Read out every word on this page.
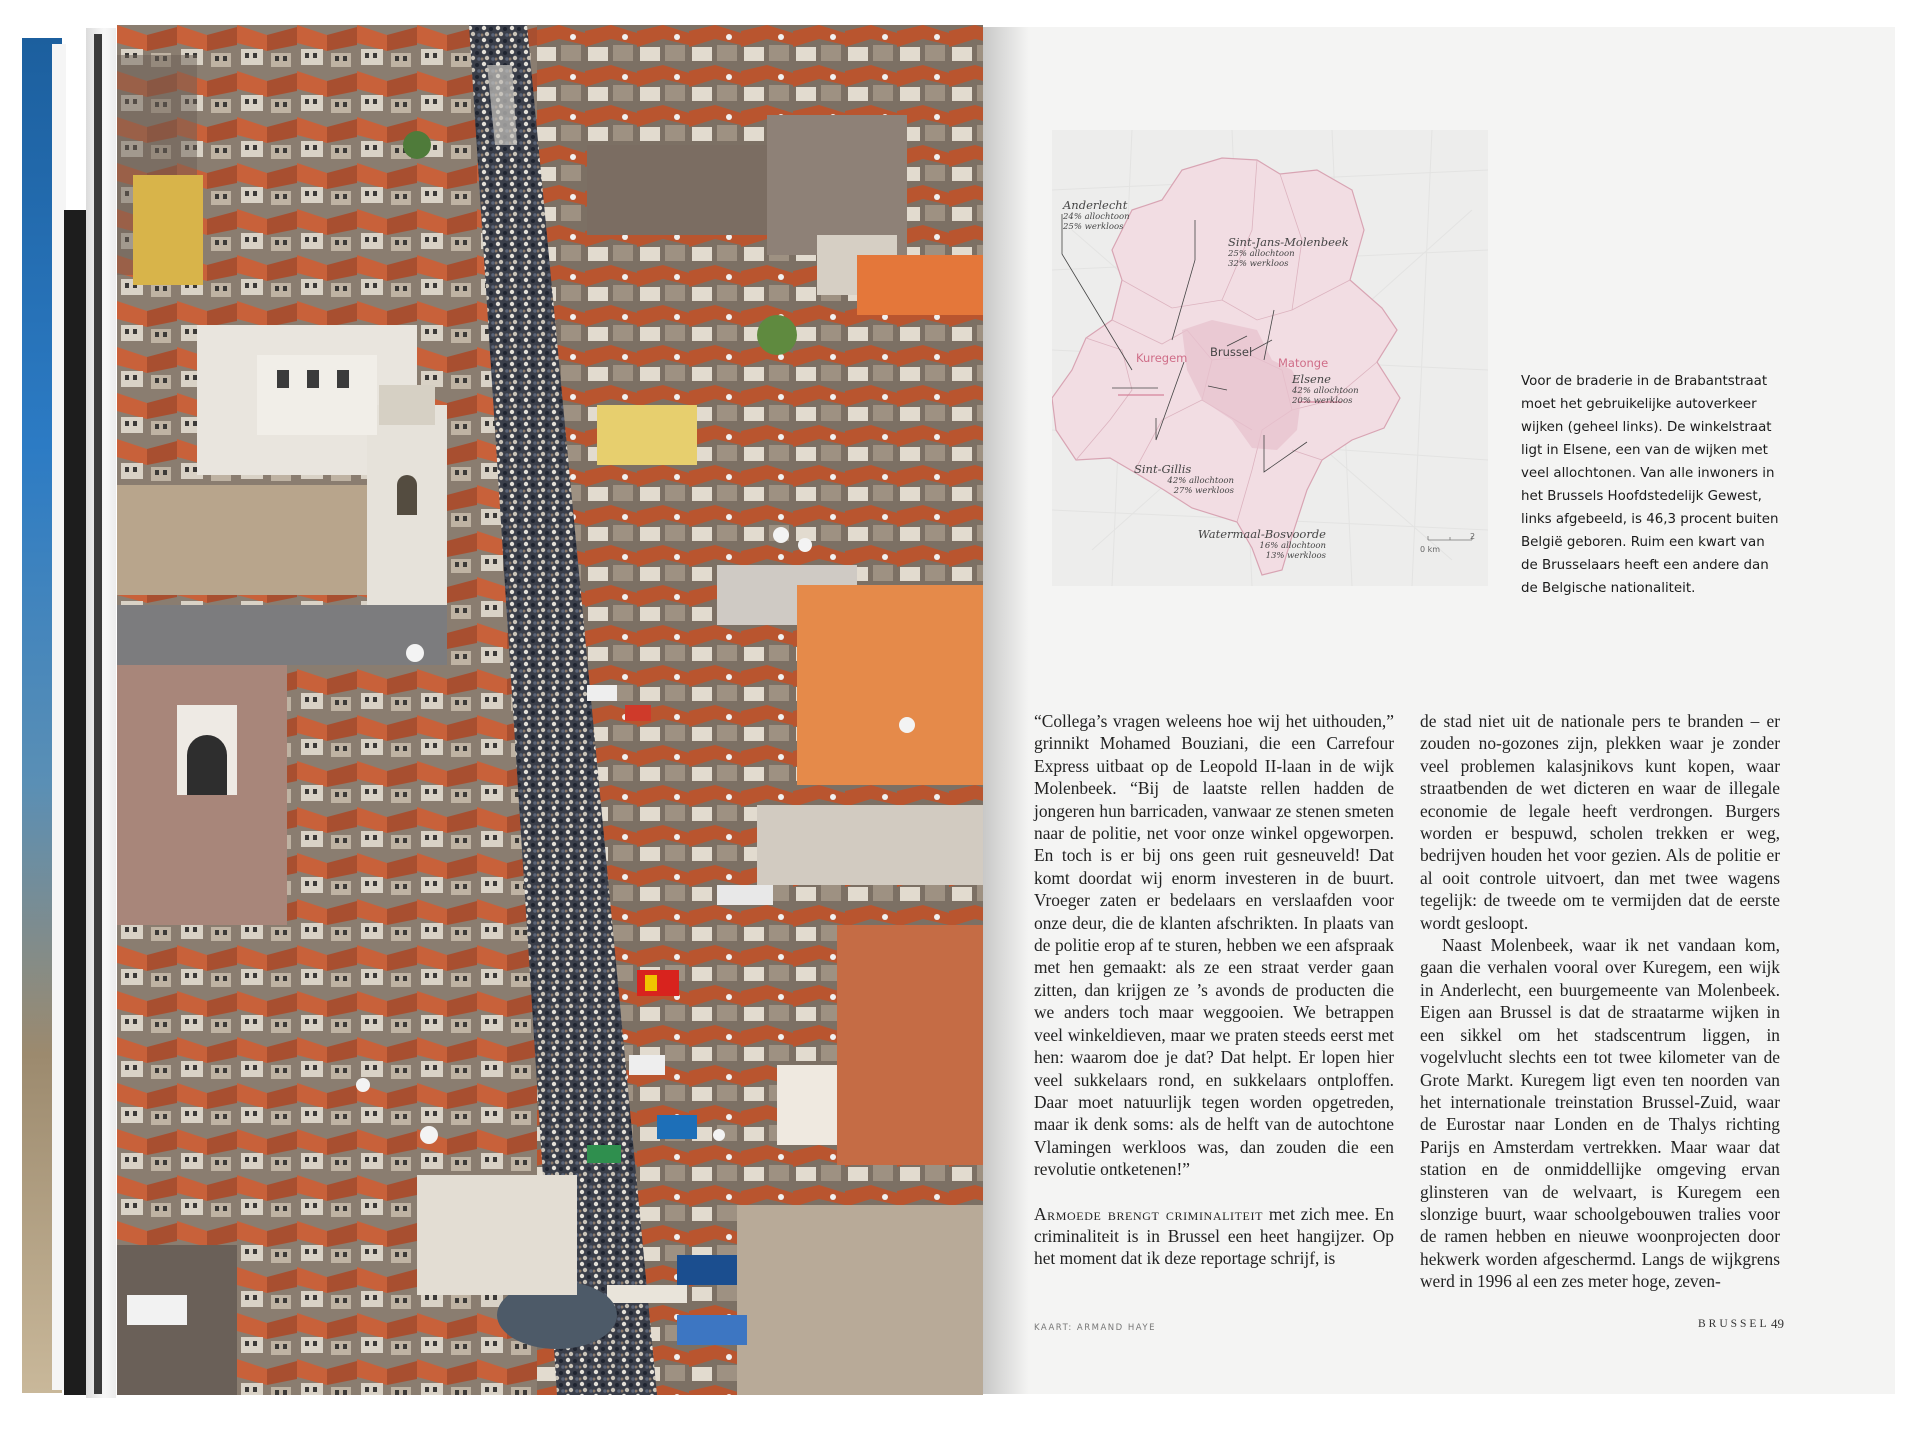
Anderlecht
24% allochtoon
25% werkloos
Sint-Jans-Molenbeek
25% allochtoon
32% werkloos
Kuregem Brussel
Matonge
Elsene
42% allochtoon
20% werkloos
Sint-Gillis
42% allochtoon
27% werkloos
Watermaal-Bosvoorde
16% allochtoon
13% werkloos
0 km
2
Voor de braderie in de Brabantstraat moet het gebruikelijke autoverkeer wijken (geheel links). De winkelstraat ligt in Elsene, een van de wijken met veel allochtonen. Van alle inwoners in het Brussels Hoofdstedelijk Gewest, links afgebeeld, is 46,3 procent buiten België geboren. Ruim een kwart van de Brusselaars heeft een andere dan de Belgische nationaliteit.

“Collega’s vragen weleens hoe wij het uithouden,” grinnikt Mohamed Bouziani, die een Carrefour Express uitbaat op de Leopold II-laan in de wijk Molenbeek. “Bij de laatste rellen hadden de jongeren hun barricaden, vanwaar ze stenen smeten naar de politie, net voor onze winkel opgeworpen. En toch is er bij ons geen ruit gesneuveld! Dat komt doordat wij enorm investeren in de buurt. Vroeger zaten er bedelaars en verslaafden voor onze deur, die de klanten afschrikten. In plaats van de politie erop af te sturen, hebben we een afspraak met hen gemaakt: als ze een straat verder gaan zitten, dan krijgen ze ’s avonds de producten die we anders toch maar weggooien. We betrappen veel winkeldieven, maar we praten steeds eerst met hen: waarom doe je dat? Dat helpt. Er lopen hier veel sukkelaars rond, en sukkelaars ontploffen. Daar moet natuurlijk tegen worden opgetreden, maar ik denk soms: als de helft van de autochtone Vlamingen werkloos was, dan zouden die een revolutie ontketenen!”

Armoede brengt criminaliteit met zich mee. En criminaliteit is in Brussel een heet hangijzer. Op het moment dat ik deze reportage schrijf, is

de stad niet uit de nationale pers te branden – er zouden no-gozones zijn, plekken waar je zonder veel problemen kalasjnikovs kunt kopen, waar straatbenden de wet dicteren en waar de illegale economie de legale heeft verdrongen. Burgers worden er bespuwd, scholen trekken er weg, bedrijven houden het voor gezien. Als de politie er al ooit controle uitvoert, dan met twee wagens tegelijk: de tweede om te vermijden dat de eerste wordt gesloopt.

Naast Molenbeek, waar ik net vandaan kom, gaan die verhalen vooral over Kuregem, een wijk in Anderlecht, een buurgemeente van Molenbeek. Eigen aan Brussel is dat de straatarme wijken in een sikkel om het stadscentrum liggen, in vogelvlucht slechts een tot twee kilometer van de Grote Markt. Kuregem ligt even ten noorden van het internationale treinstation Brussel-Zuid, waar de Eurostar naar Londen en de Thalys richting Parijs en Amsterdam vertrekken. Maar waar dat station en de onmiddellijke omgeving ervan glinsteren van de welvaart, is Kuregem een slonzige buurt, waar schoolgebouwen tralies voor de ramen hebben en nieuwe woonprojecten door hekwerk worden afgeschermd. Langs de wijkgrens werd in 1996 al een zes meter hoge, zeven-

KAART: ARMAND HAYE	BRUSSEL 49
